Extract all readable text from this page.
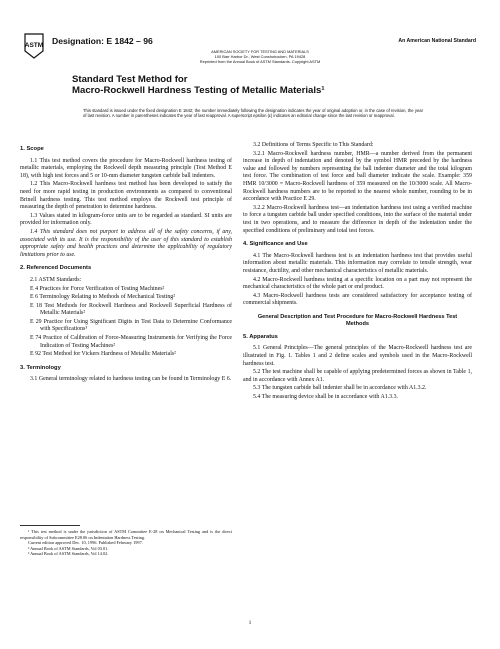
ASTM Designation: E 1842 – 96	An American National Standard
AMERICAN SOCIETY FOR TESTING AND MATERIALS
100 Barr Harbor Dr., West Conshohocken, PA 19428
Reprinted from the Annual Book of ASTM Standards. Copyright ASTM
Standard Test Method for
Macro-Rockwell Hardness Testing of Metallic Materials¹
This standard is issued under the fixed designation E 1842; the number immediately following the designation indicates the year of original adoption or, in the case of revision, the year of last revision. A number in parentheses indicates the year of last reapproval. A superscript epsilon (ε) indicates an editorial change since the last revision or reapproval.
1. Scope

1.1 This test method covers the procedure for Macro-Rockwell hardness testing of metallic materials, employing the Rockwell depth measuring principle (Test Method E 18), with high test forces and 5 or 10-mm diameter tungsten carbide ball indenters.

1.2 This Macro-Rockwell hardness test method has been developed to satisfy the need for more rapid testing in production environments as compared to conventional Brinell hardness testing. This test method employs the Rockwell test principle of measuring the depth of penetration to determine hardness.

1.3 Values stated in kilogram-force units are to be regarded as standard. SI units are provided for information only.

1.4 This standard does not purport to address all of the safety concerns, if any, associated with its use. It is the responsibility of the user of this standard to establish appropriate safety and health practices and determine the applicability of regulatory limitations prior to use.

2. Referenced Documents

2.1 ASTM Standards:

E 4 Practices for Force Verification of Testing Machines²
E 6 Terminology Relating to Methods of Mechanical Testing²
E 18 Test Methods for Rockwell Hardness and Rockwell Superficial Hardness of Metallic Materials²
E 29 Practice for Using Significant Digits in Test Data to Determine Conformance with Specifications³
E 74 Practice of Calibration of Force-Measuring Instruments for Verifying the Force Indication of Testing Machines²
E 92 Test Method for Vickers Hardness of Metallic Materials²
3. Terminology

3.1 General terminology related to hardness testing can be found in Terminology E 6.

3.2 Definitions of Terms Specific to This Standard:

3.2.1 Macro-Rockwell hardness number, HMR—a number derived from the permanent increase in depth of indentation and denoted by the symbol HMR preceded by the hardness value and followed by numbers representing the ball indenter diameter and the total kilogram test force. The combination of test force and ball diameter indicate the scale. Example: 359 HMR 10/3000 = Macro-Rockwell hardness of 359 measured on the 10/3000 scale. All Macro-Rockwell hardness numbers are to be reported to the nearest whole number, rounding to be in accordance with Practice E 29.

3.2.2 Macro-Rockwell hardness test—an indentation hardness test using a verified machine to force a tungsten carbide ball under specified conditions, into the surface of the material under test in two operations, and to measure the difference in depth of the indentation under the specified conditions of preliminary and total test forces.

4. Significance and Use

4.1 The Macro-Rockwell hardness test is an indentation hardness test that provides useful information about metallic materials. This information may correlate to tensile strength, wear resistance, ductility, and other mechanical characteristics of metallic materials.

4.2 Macro-Rockwell hardness testing at a specific location on a part may not represent the mechanical characteristics of the whole part or end product.

4.3 Macro-Rockwell hardness tests are considered satisfactory for acceptance testing of commercial shipments.

General Description and Test Procedure for Macro-Rockwell Hardness Test Methods
5. Apparatus

5.1 General Principles—The general principles of the Macro-Rockwell hardness test are illustrated in Fig. 1. Tables 1 and 2 define scales and symbols used in the Macro-Rockwell hardness test.

5.2 The test machine shall be capable of applying predetermined forces as shown in Table 1, and in accordance with Annex A1.

5.3 The tungsten carbide ball indenter shall be in accordance with A1.3.2.

5.4 The measuring device shall be in accordance with A1.3.3.

¹ This test method is under the jurisdiction of ASTM Committee E-28 on Mechanical Testing and is the direct responsibility of Subcommittee E28.06 on Indentation Hardness Testing.

Current edition approved Dec. 10, 1996. Published February 1997.

² Annual Book of ASTM Standards, Vol 03.01.

³ Annual Book of ASTM Standards, Vol 14.02.

1
